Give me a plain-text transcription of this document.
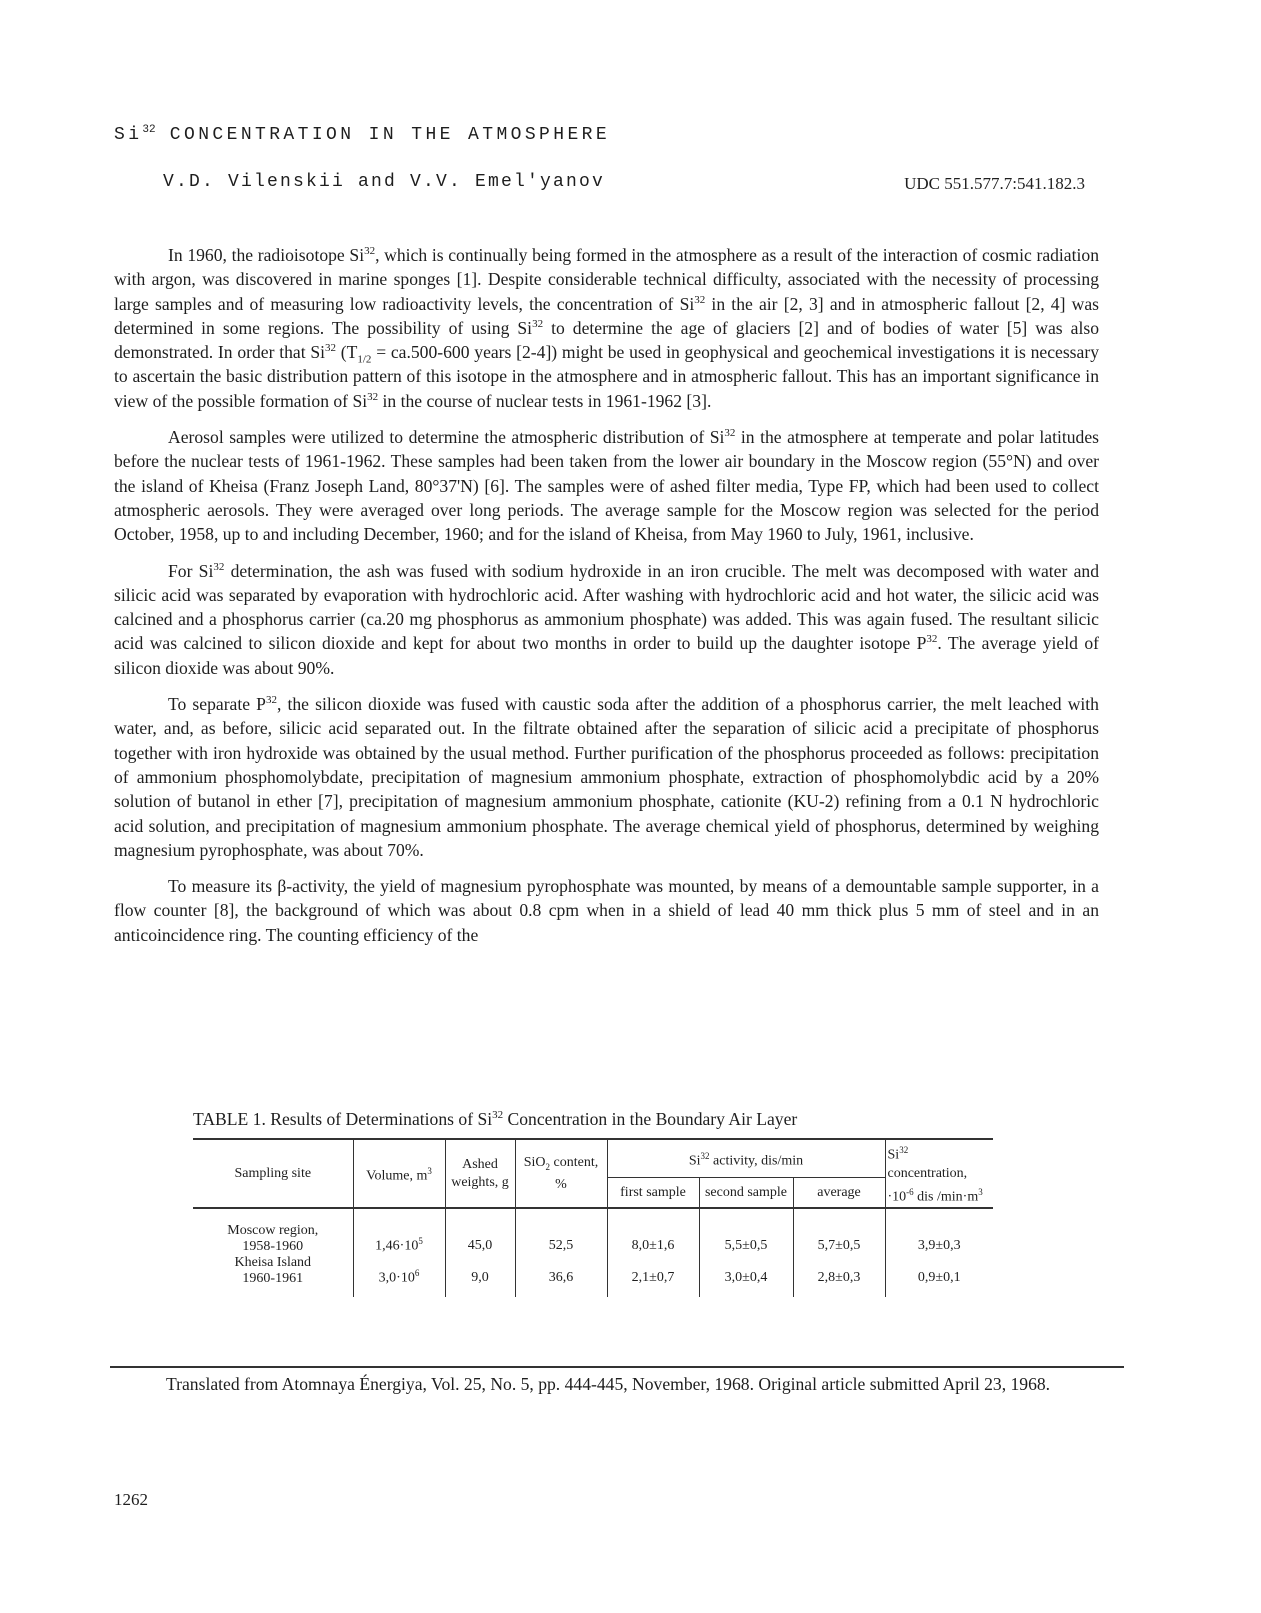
Si$^{32}$ CONCENTRATION IN THE ATMOSPHERE
V.D. Vilenskii and V.V. Emel'yanov	UDC 551.577.7:541.182.3

In 1960, the radioisotope Si$^{32}$, which is continually being formed in the atmosphere as a result of the interaction of cosmic radiation with argon, was discovered in marine sponges [1]. Despite considerable technical difficulty, associated with the necessity of processing large samples and of measuring low radioactivity levels, the concentration of Si$^{32}$ in the air [2, 3] and in atmospheric fallout [2, 4] was determined in some regions. The possibility of using Si$^{32}$ to determine the age of glaciers [2] and of bodies of water [5] was also demonstrated. In order that Si$^{32}$ ($T_{1/2} = ca.500-600$ years [2-4]) might be used in geophysical and geochemical investigations it is necessary to ascertain the basic distribution pattern of this isotope in the atmosphere and in atmospheric fallout. This has an important significance in view of the possible formation of Si$^{32}$ in the course of nuclear tests in 1961-1962 [3].

Aerosol samples were utilized to determine the atmospheric distribution of Si$^{32}$ in the atmosphere at temperate and polar latitudes before the nuclear tests of 1961-1962. These samples had been taken from the lower air boundary in the Moscow region (55°N) and over the island of Kheisa (Franz Joseph Land, 80°37'N) [6]. The samples were of ashed filter media, Type FP, which had been used to collect atmospheric aerosols. They were averaged over long periods. The average sample for the Moscow region was selected for the period October, 1958, up to and including December, 1960; and for the island of Kheisa, from May 1960 to July, 1961, inclusive.

For Si$^{32}$ determination, the ash was fused with sodium hydroxide in an iron crucible. The melt was decomposed with water and silicic acid was separated by evaporation with hydrochloric acid. After washing with hydrochloric acid and hot water, the silicic acid was calcined and a phosphorus carrier (ca.20 mg phosphorus as ammonium phosphate) was added. This was again fused. The resultant silicic acid was calcined to silicon dioxide and kept for about two months in order to build up the daughter isotope $P^{32}$. The average yield of silicon dioxide was about 90%.

To separate $P^{32}$, the silicon dioxide was fused with caustic soda after the addition of a phosphorus carrier, the melt leached with water, and, as before, silicic acid separated out. In the filtrate obtained after the separation of silicic acid a precipitate of phosphorus together with iron hydroxide was obtained by the usual method. Further purification of the phosphorus proceeded as follows: precipitation of ammonium phosphomolybdate, precipitation of magnesium ammonium phosphate, extraction of phosphomolybdic acid by a 20% solution of butanol in ether [7], precipitation of magnesium ammonium phosphate, cationite (KU-2) refining from a 0.1 N hydrochloric acid solution, and precipitation of magnesium ammonium phosphate. The average chemical yield of phosphorus, determined by weighing magnesium pyrophosphate, was about 70%.

To measure its β-activity, the yield of magnesium pyrophosphate was mounted, by means of a demountable sample supporter, in a flow counter [8], the background of which was about 0.8 cpm when in a shield of lead 40 mm thick plus 5 mm of steel and in an anticoincidence ring. The counting efficiency of the

TABLE 1. Results of Determinations of Si$^{32}$ Concentration in the Boundary Air Layer
Sampling site	Volume, $m^3$	Ashed weights, g	SiO$_2$ content, %	Si$^{32}$ activity, dis/min			Si$^{32}$ concentration, $\cdot 10^{-6}$ dis $/\min\cdot m^3$
				first sample	second sample	average	

Moscow region,
1958-1960	$1,46\cdot 10^5$	45,0	52,5	8,0±1,6	5,5±0,5	5,7±0,5	3,9±0,3

Kheisa Island
1960-1961	$3,0\cdot 10^6$	9,0	36,6	2,1±0,7	3,0±0,4	2,8±0,3	0,9±0,1
Translated from Atomnaya Énergiya, Vol. 25, No. 5, pp. 444-445, November, 1968. Original article submitted April 23, 1968.
1262
